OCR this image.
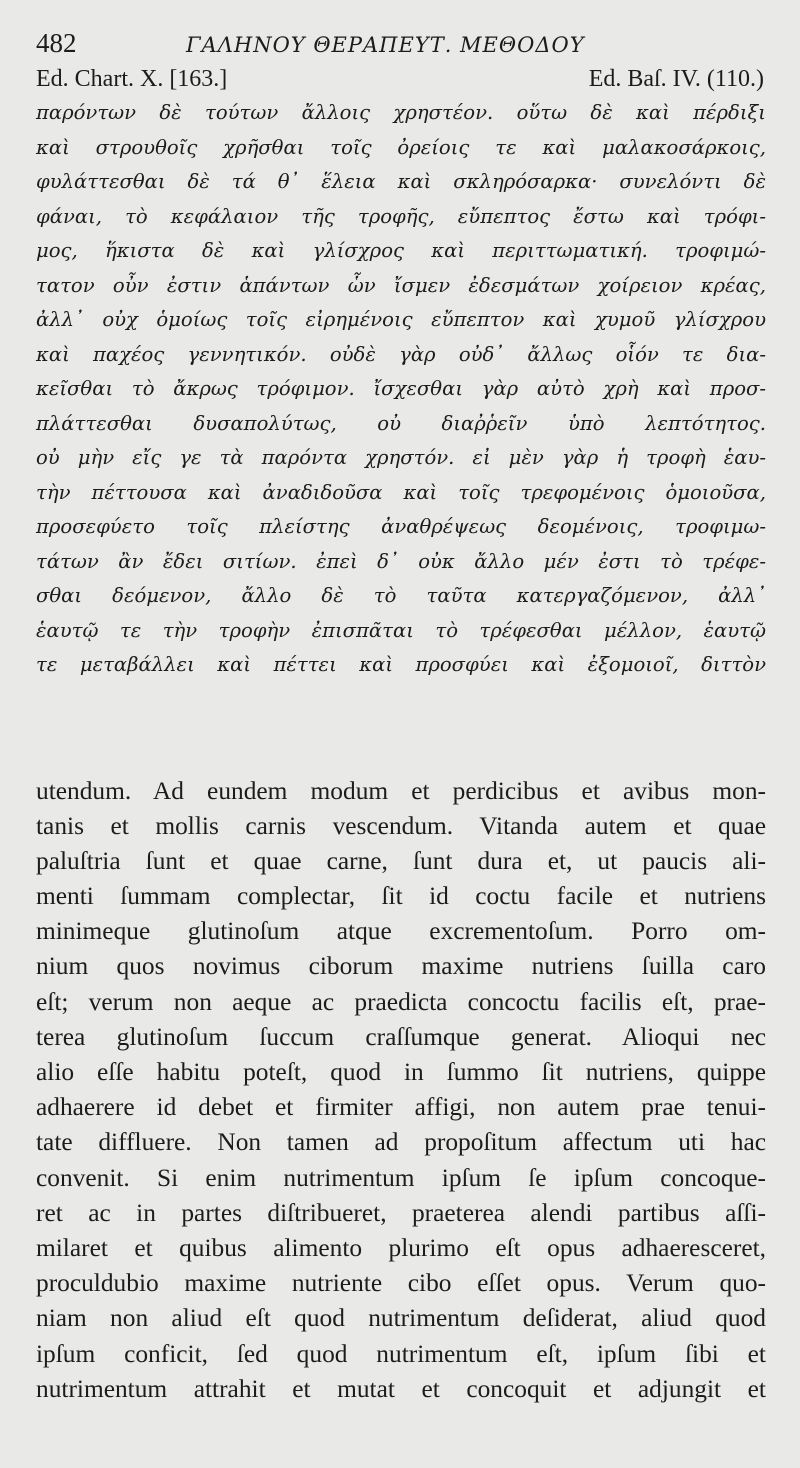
482	ΓΑΛΗΝΟΥ ΘΕΡΑΠΕΥΤ. ΜΕΘΟΔΟΥ
Ed. Chart. X. [163.]	Ed. Baſ. IV. (110.)
παρόντων δὲ τούτων ἄλλοις χρηστέον. οὕτω δὲ καὶ πέρδιξι
καὶ στρουθοῖς χρῆσθαι τοῖς ὀρείοις τε καὶ μαλακοσάρκοις,
φυλάττεσθαι δὲ τά θ᾽ ἕλεια καὶ σκληρόσαρκα· συνελόντι δὲ
φάναι, τὸ κεφάλαιον τῆς τροφῆς, εὔπεπτος ἔστω καὶ τρόφι-
μος, ἥκιστα δὲ καὶ γλίσχρος καὶ περιττωματική. τροφιμώ-
τατον οὖν ἐστιν ἁπάντων ὧν ἴσμεν ἐδεσμάτων χοίρειον κρέας,
ἀλλ᾽ οὐχ ὁμοίως τοῖς εἰρημένοις εὔπεπτον καὶ χυμοῦ γλίσχρου
καὶ παχέος γεννητικόν. οὐδὲ γὰρ οὐδ᾽ ἄλλως οἷόν τε δια-
κεῖσθαι τὸ ἄκρως τρόφιμον. ἴσχεσθαι γὰρ αὐτὸ χρὴ καὶ προσ-
πλάττεσθαι δυσαπολύτως, οὐ διαῤῥεῖν ὑπὸ λεπτότητος.
οὐ μὴν εἴς γε τὰ παρόντα χρηστόν. εἰ μὲν γὰρ ἡ τροφὴ ἑαυ-
τὴν πέττουσα καὶ ἀναδιδοῦσα καὶ τοῖς τρεφομένοις ὁμοιοῦσα,
προσεφύετο τοῖς πλείστης ἀναθρέψεως δεομένοις, τροφιμω-
τάτων ἂν ἔδει σιτίων. ἐπεὶ δ᾽ οὐκ ἄλλο μέν ἐστι τὸ τρέφε-
σθαι δεόμενον, ἄλλο δὲ τὸ ταῦτα κατεργαζόμενον, ἀλλ᾽
ἑαυτῷ τε τὴν τροφὴν ἐπισπᾶται τὸ τρέφεσθαι μέλλον, ἑαυτῷ
τε μεταβάλλει καὶ πέττει καὶ προσφύει καὶ ἐξομοιοῖ, διττὸν
utendum. Ad eundem modum et perdicibus et avibus mon-
tanis et mollis carnis vescendum. Vitanda autem et quae
paluſtria ſunt et quae carne, ſunt dura et, ut paucis ali-
menti ſummam complectar, ſit id coctu facile et nutriens
minimeque glutinoſum atque excrementoſum. Porro om-
nium quos novimus ciborum maxime nutriens ſuilla caro
eſt; verum non aeque ac praedicta concoctu facilis eſt, prae-
terea glutinoſum ſuccum craſſumque generat. Alioqui nec
alio eſſe habitu poteſt, quod in ſummo ſit nutriens, quippe
adhaerere id debet et firmiter affigi, non autem prae tenui-
tate diffluere. Non tamen ad propoſitum affectum uti hac
convenit. Si enim nutrimentum ipſum ſe ipſum concoque-
ret ac in partes diſtribueret, praeterea alendi partibus aſſi-
milaret et quibus alimento plurimo eſt opus adhaeresceret,
proculdubio maxime nutriente cibo eſſet opus. Verum quo-
niam non aliud eſt quod nutrimentum deſiderat, aliud quod
ipſum conficit, ſed quod nutrimentum eſt, ipſum ſibi et
nutrimentum attrahit et mutat et concoquit et adjungit et
